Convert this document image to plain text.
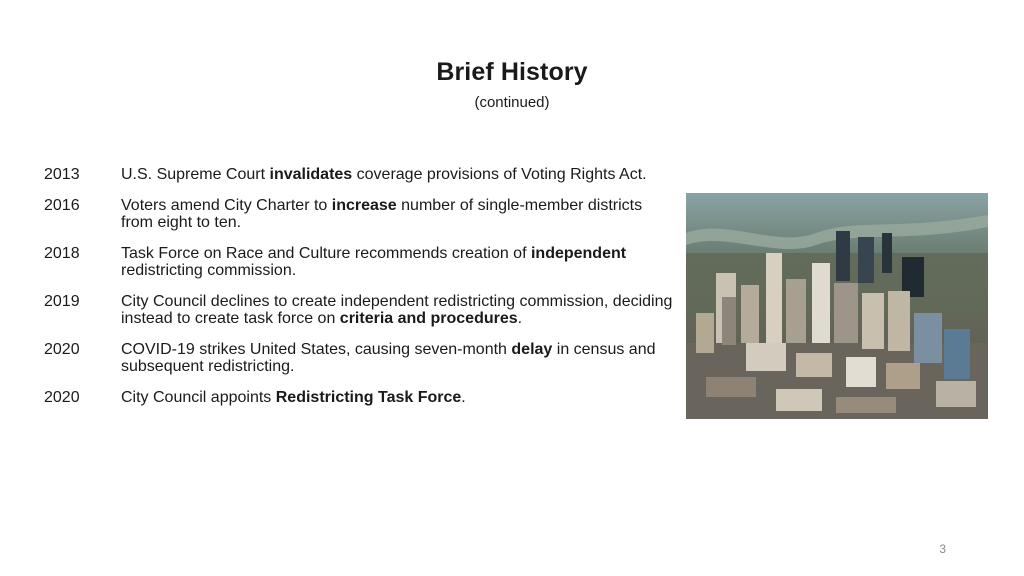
Brief History
(continued)
2013	U.S. Supreme Court invalidates coverage provisions of Voting Rights Act.
2016	Voters amend City Charter to increase number of single-member districts from eight to ten.
2018	Task Force on Race and Culture recommends creation of independent redistricting commission.
2019	City Council declines to create independent redistricting commission, deciding instead to create task force on criteria and procedures.
2020	COVID-19 strikes United States, causing seven-month delay in census and subsequent redistricting.
2020	City Council appoints Redistricting Task Force.
3
